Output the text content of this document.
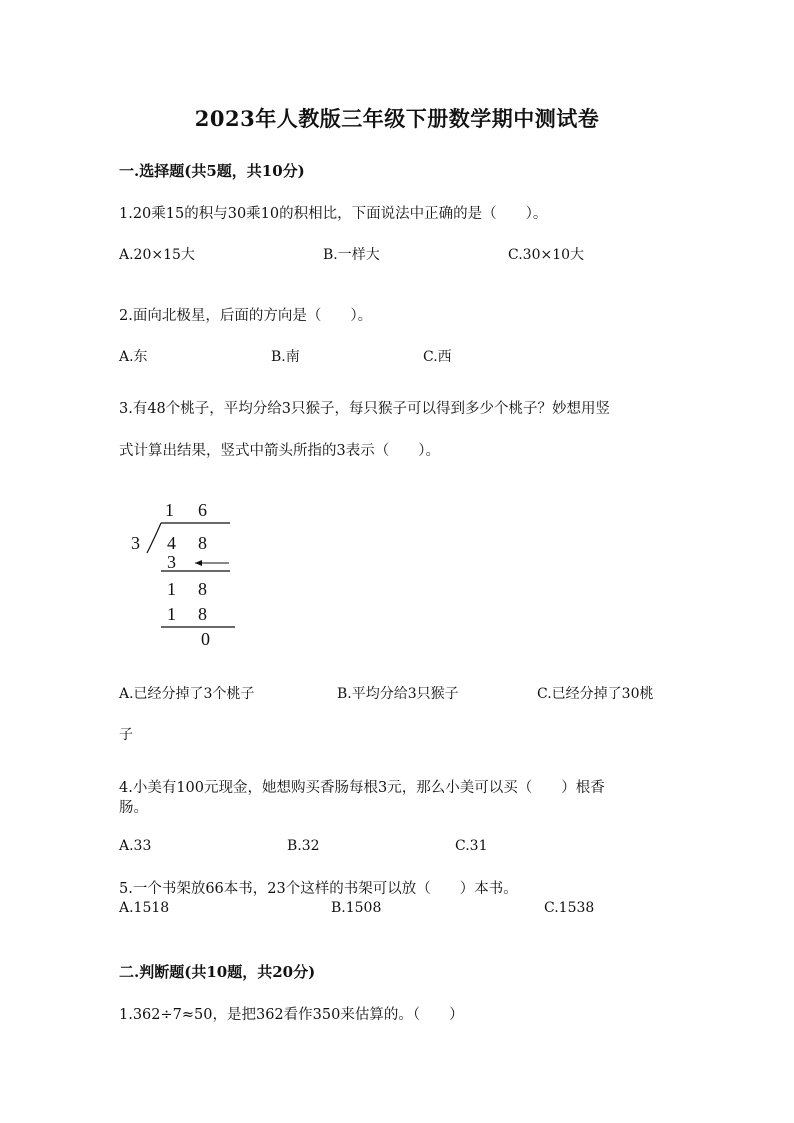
2023年人教版三年级下册数学期中测试卷
一.选择题(共5题，共10分)
1.20乘15的积与30乘10的积相比，下面说法中正确的是（　　）。
A.20×15大	B.一样大	C.30×10大
2.面向北极星，后面的方向是（　　）。
A.东	B.南	C.西
3.有48个桃子，平均分给3只猴子，每只猴子可以得到多少个桃子？妙想用竖
式计算出结果，竖式中箭头所指的3表示（　　）。
1 6
3 4 8
3
1 8
1 8
0
A.已经分掉了3个桃子	B.平均分给3只猴子	C.已经分掉了30桃
子
4.小美有100元现金，她想购买香肠每根3元，那么小美可以买（　　）根香
肠。
A.33	B.32	C.31
5.一个书架放66本书，23个这样的书架可以放（　　）本书。
A.1518	B.1508	C.1538
二.判断题(共10题，共20分)
1.362÷7≈50，是把362看作350来估算的。（　　）
